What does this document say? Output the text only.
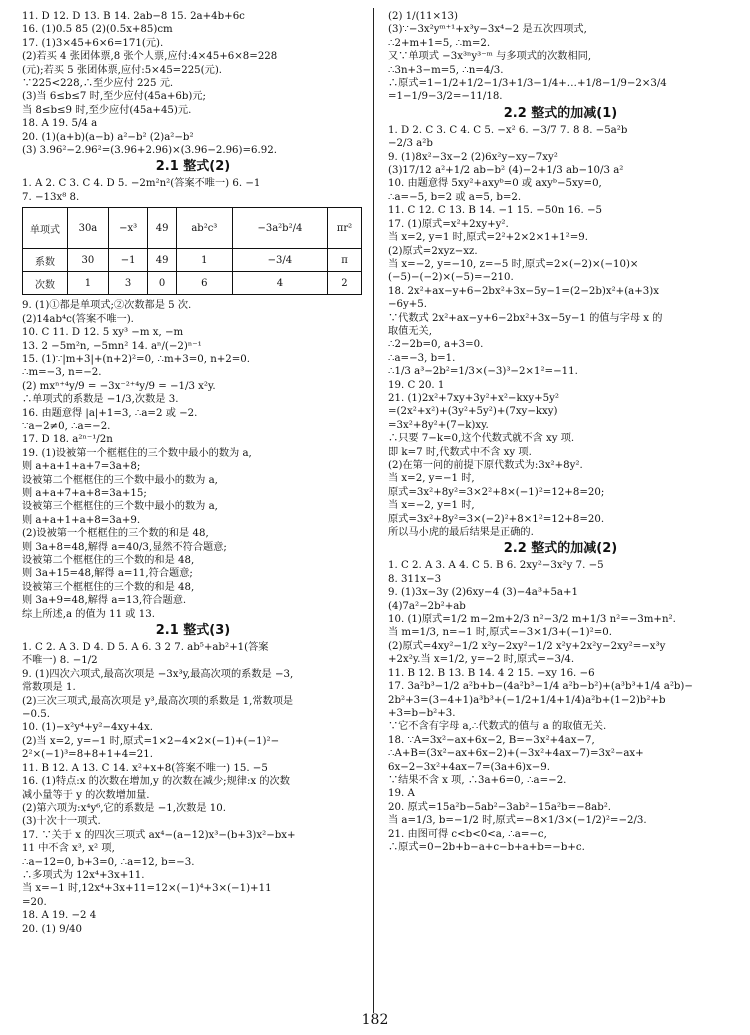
11. D 12. D 13. B 14. 2ab−8 15. 2a+4b+6c
16. (1)0.5 85 (2)(0.5x+85)cm
17. (1)3×45+6×6=171(元).
(2)若买 4 张团体票,8 张个人票,应付:4×45+6×8=228
(元);若买 5 张团体票,应付:5×45=225(元).
∵225<228,∴至少应付 225 元.
(3)当 6≤b≤7 时,至少应付(45a+6b)元;
当 8≤b≤9 时,至少应付(45a+45)元.
18. A 19. 5/4 a
20. (1)(a+b)(a−b) a²−b² (2)a²−b²
(3) 3.96²−2.96²=(3.96+2.96)×(3.96−2.96)=6.92.
2.1 整式(2)
1. A 2. C 3. C 4. D 5. −2m²n²(答案不唯一) 6. −1
7. −13x⁸ 8.
单项式	30a	−x³	49	ab²c³	−3a²b²/4	πr²
系数	30	−1	49	1	−3/4	π
次数	1	3	0	6	4	2
9. (1)①都是单项式;②次数都是 5 次.
(2)14ab⁴c(答案不唯一).
10. C 11. D 12. 5 xy³ −m x, −m
13. 2 −5m²n, −5mn² 14. aⁿ/(−2)ⁿ⁻¹
15. (1)∵|m+3|+(n+2)²=0, ∴m+3=0, n+2=0.
∴m=−3, n=−2.
(2) mxⁿ⁺⁴y/9 = −3x⁻²⁺⁴y/9 = −1/3 x²y.
∴单项式的系数是 −1/3,次数是 3.
16. 由题意得 |a|+1=3, ∴a=2 或 −2.
∵a−2≠0, ∴a=−2.
17. D 18. a²ⁿ⁻¹/2n
19. (1)设被第一个框框住的三个数中最小的数为 a,
则 a+a+1+a+7=3a+8;
设被第二个框框住的三个数中最小的数为 a,
则 a+a+7+a+8=3a+15;
设被第三个框框住的三个数中最小的数为 a,
则 a+a+1+a+8=3a+9.
(2)设被第一个框框住的三个数的和是 48,
则 3a+8=48,解得 a=40/3,显然不符合题意;
设被第二个框框住的三个数的和是 48,
则 3a+15=48,解得 a=11,符合题意;
设被第三个框框住的三个数的和是 48,
则 3a+9=48,解得 a=13,符合题意.
综上所述,a 的值为 11 或 13.
2.1 整式(3)
1. C 2. A 3. D 4. D 5. A 6. 3 2 7. ab⁵+ab²+1(答案
不唯一) 8. −1/2
9. (1)四次六项式,最高次项是 −3x³y,最高次项的系数是 −3,
常数项是 1.
(2)三次三项式,最高次项是 y³,最高次项的系数是 1,常数项是
−0.5.
10. (1)−x²y⁴+y²−4xy+4x.
(2)当 x=2, y=−1 时,原式=1×2−4×2×(−1)+(−1)²−
2²×(−1)³=8+8+1+4=21.
11. B 12. A 13. C 14. x²+x+8(答案不唯一) 15. −5
16. (1)特点:x 的次数在增加,y 的次数在减少;规律:x 的次数
减小量等于 y 的次数增加量.
(2)第六项为:x⁴y⁶,它的系数是 −1,次数是 10.
(3)十次十一项式.
17. ∵关于 x 的四次三项式 ax⁴−(a−12)x³−(b+3)x²−bx+
11 中不含 x³, x² 项,
∴a−12=0, b+3=0, ∴a=12, b=−3.
∴多项式为 12x⁴+3x+11.
当 x=−1 时,12x⁴+3x+11=12×(−1)⁴+3×(−1)+11
=20.
18. A 19. −2 4
20. (1) 9/40
(2) 1/(11×13)
(3)∵−3x²yᵐ⁺¹+x³y−3x⁴−2 是五次四项式,
∴2+m+1=5, ∴m=2.
又∵单项式 −3x³ⁿy³⁻ᵐ 与多项式的次数相同,
∴3n+3−m=5, ∴n=4/3.
∴原式=1−1/2+1/2−1/3+1/3−1/4+…+1/8−1/9−2×3/4
=1−1/9−3/2=−11/18.
2.2 整式的加减(1)
1. D 2. C 3. C 4. C 5. −x² 6. −3/7 7. 8 8. −5a²b
−2/3 a²b
9. (1)8x²−3x−2 (2)6x²y−xy−7xy²
(3)17/12 a²+1/2 ab−b² (4)−2+1/3 ab−10/3 a²
10. 由题意得 5xy²+axyᵇ=0 或 axyᵇ−5xy=0,
∴a=−5, b=2 或 a=5, b=2.
11. C 12. C 13. B 14. −1 15. −50n 16. −5
17. (1)原式=x²+2xy+y².
当 x=2, y=1 时,原式=2²+2×2×1+1²=9.
(2)原式=2xyz−xz.
当 x=−2, y=−10, z=−5 时,原式=2×(−2)×(−10)×
(−5)−(−2)×(−5)=−210.
18. 2x²+ax−y+6−2bx²+3x−5y−1=(2−2b)x²+(a+3)x
−6y+5.
∵代数式 2x²+ax−y+6−2bx²+3x−5y−1 的值与字母 x 的
取值无关,
∴2−2b=0, a+3=0.
∴a=−3, b=1.
∴1/3 a³−2b²=1/3×(−3)³−2×1²=−11.
19. C 20. 1
21. (1)2x²+7xy+3y²+x²−kxy+5y²
=(2x²+x²)+(3y²+5y²)+(7xy−kxy)
=3x²+8y²+(7−k)xy.
∴只要 7−k=0,这个代数式就不含 xy 项.
即 k=7 时,代数式中不含 xy 项.
(2)在第一问的前提下原代数式为:3x²+8y².
当 x=2, y=−1 时,
原式=3x²+8y²=3×2²+8×(−1)²=12+8=20;
当 x=−2, y=1 时,
原式=3x²+8y²=3×(−2)²+8×1²=12+8=20.
所以马小虎的最后结果是正确的.
2.2 整式的加减(2)
1. C 2. A 3. A 4. C 5. B 6. 2xy²−3x²y 7. −5
8. 311x−3
9. (1)3x−3y (2)6xy−4 (3)−4a³+5a+1
(4)7a²−2b²+ab
10. (1)原式=1/2 m−2m+2/3 n²−3/2 m+1/3 n²=−3m+n².
当 m=1/3, n=−1 时,原式=−3×1/3+(−1)²=0.
(2)原式=4xy²−1/2 x²y−2xy²−1/2 x²y+2x²y−2xy²=−x³y
+2x²y.当 x=1/2, y=−2 时,原式=−3/4.
11. B 12. B 13. B 14. 4 2 15. −xy 16. −6
17. 3a²b³−1/2 a²b+b−(4a²b³−1/4 a²b−b²)+(a³b³+1/4 a²b)−
2b²+3=(3−4+1)a³b³+(−1/2+1/4+1/4)a²b+(1−2)b²+b
+3=b−b²+3.
∵它不含有字母 a,∴代数式的值与 a 的取值无关.
18. ∵A=3x²−ax+6x−2, B=−3x²+4ax−7,
∴A+B=(3x²−ax+6x−2)+(−3x²+4ax−7)=3x²−ax+
6x−2−3x²+4ax−7=(3a+6)x−9.
∵结果不含 x 项, ∴3a+6=0, ∴a=−2.
19. A
20. 原式=15a²b−5ab²−3ab²−15a²b=−8ab².
当 a=1/3, b=−1/2 时,原式=−8×1/3×(−1/2)²=−2/3.
21. 由图可得 c<b<0<a, ∴a=−c,
∴原式=0−2b+b−a+c−b+a+b=−b+c.
182
